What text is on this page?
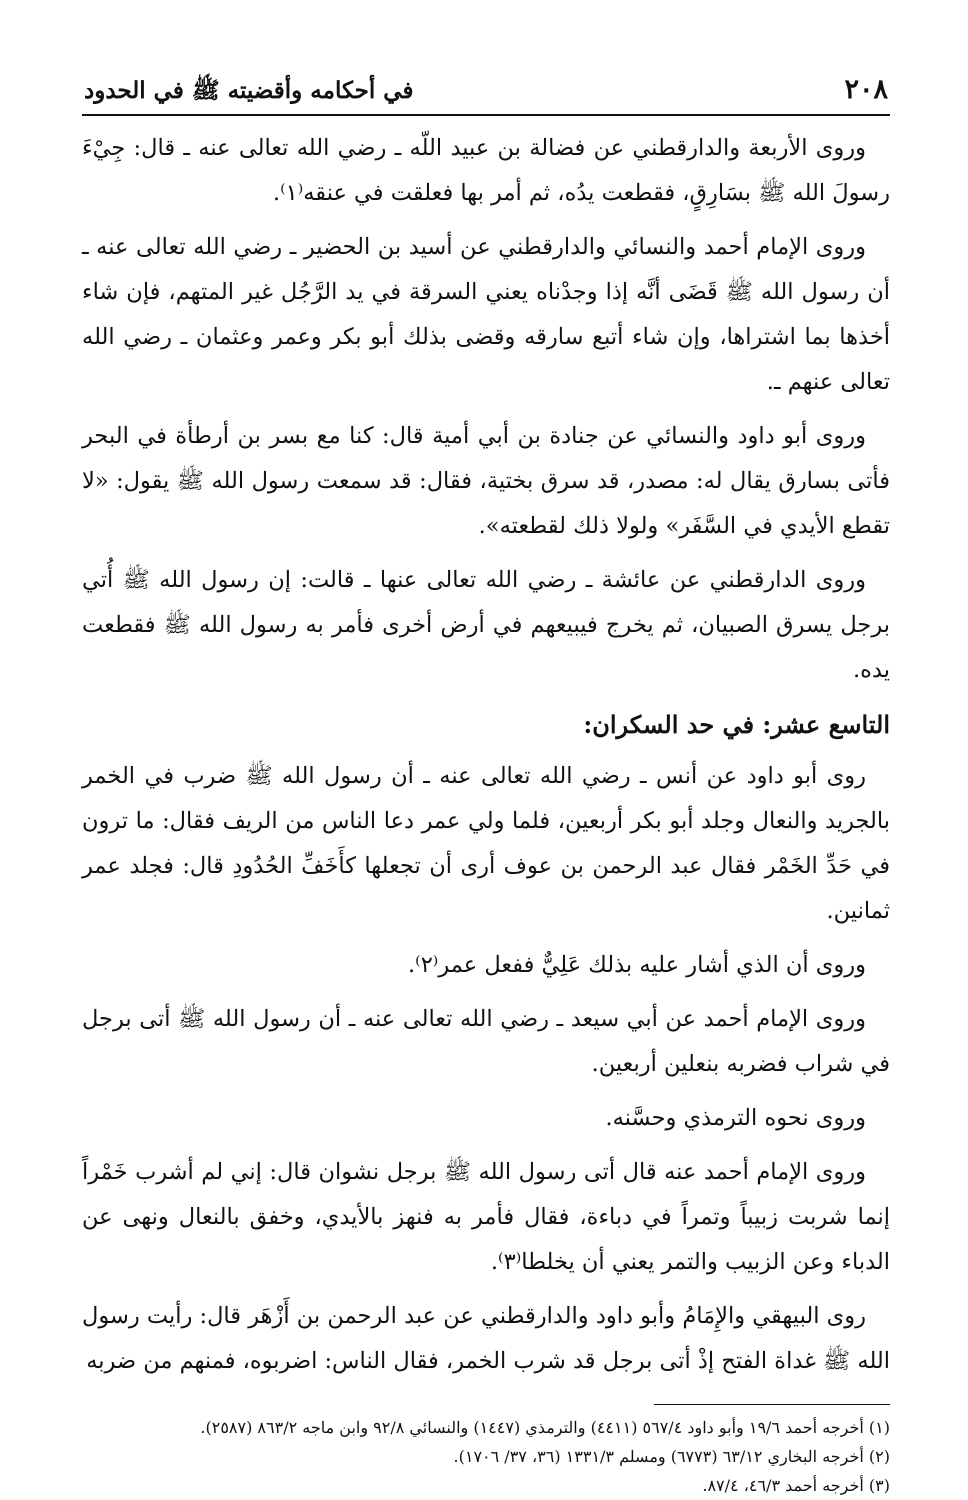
٢٠٨
في أحكامه وأقضيته ﷺ في الحدود

وروى الأربعة والدارقطني عن فضالة بن عبيد اللّه ـ رضي الله تعالى عنه ـ قال: جِيْءَ رسولَ الله ﷺ بسَارِقٍ، فقطعت يدُه، ثم أمر بها فعلقت في عنقه⁽١⁾.

وروى الإمام أحمد والنسائي والدارقطني عن أسيد بن الحضير ـ رضي الله تعالى عنه ـ أن رسول الله ﷺ قَضَى أنَّه إذا وجدْناه يعني السرقة في يد الرَّجُل غير المتهم، فإن شاء أخذها بما اشتراها، وإن شاء أتبع سارقه وقضى بذلك أبو بكر وعمر وعثمان ـ رضي الله تعالى عنهم ـ.

وروى أبو داود والنسائي عن جنادة بن أبي أمية قال: كنا مع بسر بن أرطأة في البحر فأتى بسارق يقال له: مصدر، قد سرق بختية، فقال: قد سمعت رسول الله ﷺ يقول: «لا تقطع الأيدي في السَّفَر» ولولا ذلك لقطعته».

وروى الدارقطني عن عائشة ـ رضي الله تعالى عنها ـ قالت: إن رسول الله ﷺ أُتي برجل يسرق الصبيان، ثم يخرج فيبيعهم في أرض أخرى فأمر به رسول الله ﷺ فقطعت يده.

التاسع عشر: في حد السكران:

روى أبو داود عن أنس ـ رضي الله تعالى عنه ـ أن رسول الله ﷺ ضرب في الخمر بالجريد والنعال وجلد أبو بكر أربعين، فلما ولي عمر دعا الناس من الريف فقال: ما ترون في حَدِّ الخَمْر فقال عبد الرحمن بن عوف أرى أن تجعلها كأَخَفِّ الحُدُودِ قال: فجلد عمر ثمانين.

وروى أن الذي أشار عليه بذلك عَلِيٌّ ففعل عمر⁽٢⁾.

وروى الإمام أحمد عن أبي سيعد ـ رضي الله تعالى عنه ـ أن رسول الله ﷺ أتى برجل في شراب فضربه بنعلين أربعين.

وروى نحوه الترمذي وحسَّنه.

وروى الإمام أحمد عنه قال أتى رسول الله ﷺ برجل نشوان قال: إني لم أشرب خَمْراً إنما شربت زبيباً وتمراً في دباءة، فقال فأمر به فنهز بالأيدي، وخفق بالنعال ونهى عن الدباء وعن الزبيب والتمر يعني أن يخلطا⁽٣⁾.

روى البيهقي والإِمَامُ وأبو داود والدارقطني عن عبد الرحمن بن أَزْهَر قال: رأيت رسول الله ﷺ غداة الفتح إذْ أتى برجل قد شرب الخمر، فقال الناس: اضربوه، فمنهم من ضربه

(١) أخرجه أحمد ١٩/٦ وأبو داود ٥٦٧/٤ (٤٤١١) والترمذي (١٤٤٧) والنسائي ٩٢/٨ وابن ماجه ٨٦٣/٢ (٢٥٨٧).

(٢) أخرجه البخاري ٦٣/١٢ (٦٧٧٣) ومسلم ١٣٣١/٣ (٣٦، ٣٧/ ١٧٠٦).

(٣) أخرجه أحمد ٤٦/٣، ٨٧/٤.
